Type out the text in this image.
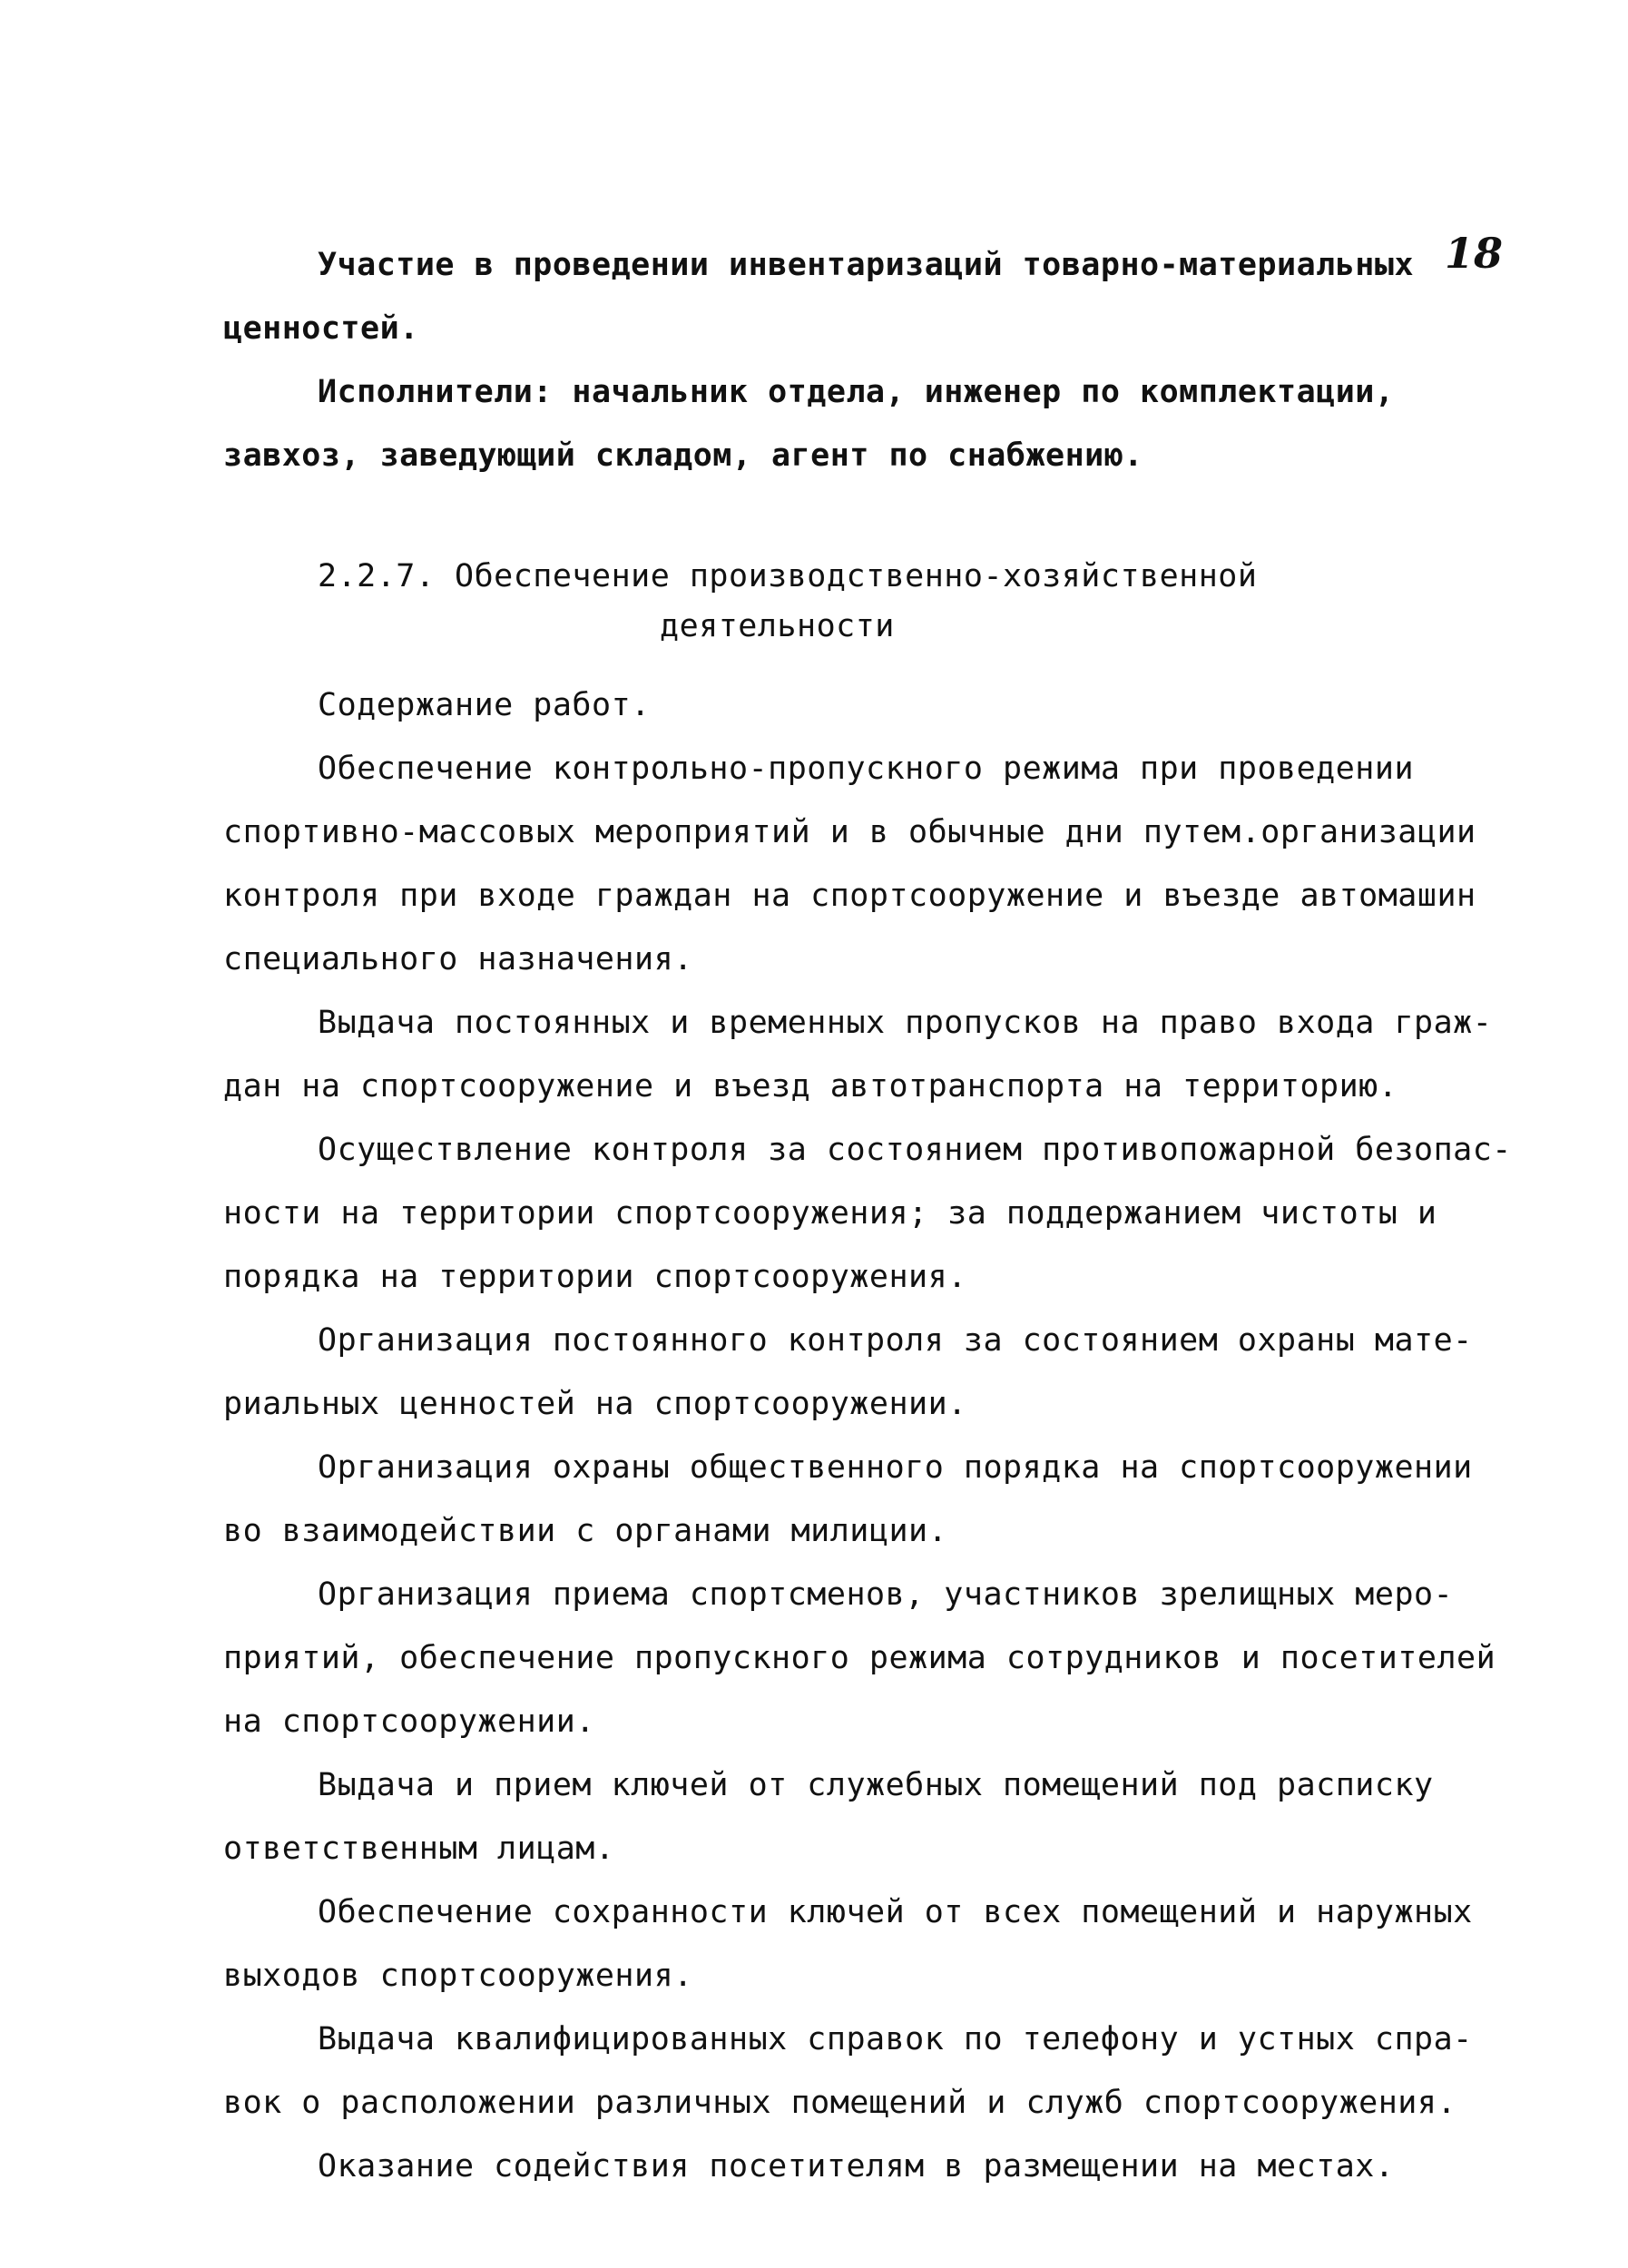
18
Участие в проведении инвентаризаций товарно-материальных
ценностей.
Исполнители: начальник отдела, инженер по комплектации,
завхоз, заведующий складом, агент по снабжению.
2.2.7. Обеспечение производственно-хозяйственной
деятельности
Содержание работ.
Обеспечение контрольно-пропускного режима при проведении
спортивно-массовых мероприятий и в обычные дни путем.организации
контроля при входе граждан на спортсооружение и въезде автомашин
специального назначения.
Выдача постоянных и временных пропусков на право входа граж-
дан на спортсооружение и въезд автотранспорта на территорию.
Осуществление контроля за состоянием противопожарной безопас-
ности на территории спортсооружения; за поддержанием чистоты и
порядка на территории спортсооружения.
Организация постоянного контроля за состоянием охраны мате-
риальных ценностей на спортсооружении.
Организация охраны общественного порядка на спортсооружении
во взаимодействии с органами милиции.
Организация приема спортсменов, участников зрелищных меро-
приятий, обеспечение пропускного режима сотрудников и посетителей
на спортсооружении.
Выдача и прием ключей от служебных помещений под расписку
ответственным лицам.
Обеспечение сохранности ключей от всех помещений и наружных
выходов спортсооружения.
Выдача квалифицированных справок по телефону и устных спра-
вок о расположении различных помещений и служб спортсооружения.
Оказание содействия посетителям в размещении на местах.
